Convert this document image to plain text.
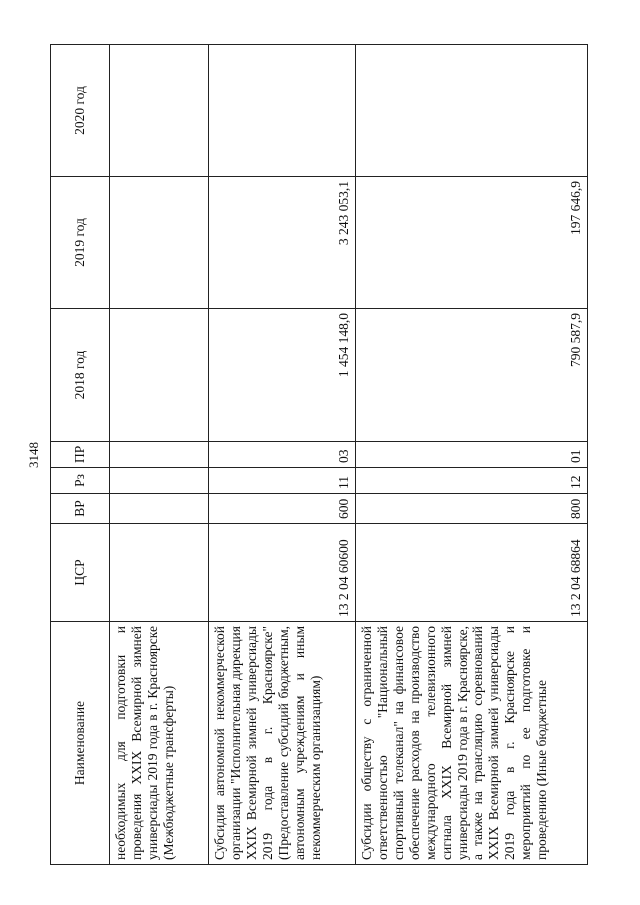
3148
Наименование	ЦСР	ВР	Рз	ПР	2018 год	2019 год	2020 год
необходимых для подготовки и проведения XXIX Всемирной зимней универсиады 2019 года в г. Красноярске (Межбюджетные трансферты)							
Субсидия автономной некоммерческой организации "Исполнительная дирекция XXIX Всемирной зимней универсиады 2019 года в г. Красноярске" (Предоставление субсидий бюджетным, автономным учреждениям и иным некоммерческим организациям)	13 2 04 60600	600	11	03	1 454 148,0	3 243 053,1	
Субсидии обществу с ограниченной ответственностью "Национальный спортивный телеканал" на финансовое обеспечение расходов на производство международного телевизионного сигнала XXIX Всемирной зимней универсиады 2019 года в г. Красноярске, а также на трансляцию соревнований XXIX Всемирной зимней универсиады 2019 года в г. Красноярске и мероприятий по ее подготовке и проведению (Иные бюджетные	13 2 04 68864	800	12	01	790 587,9	197 646,9	
